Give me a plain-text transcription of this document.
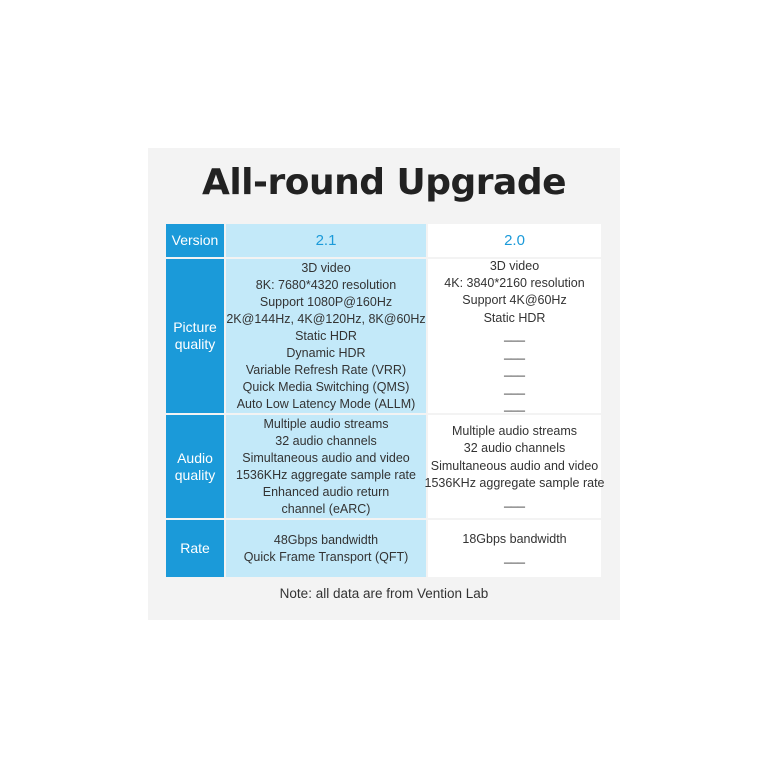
All-round Upgrade
Version	2.1	2.0
Picture quality
3D video
8K: 7680*4320 resolution
Support 1080P@160Hz
2K@144Hz, 4K@120Hz, 8K@60Hz
Static HDR
Dynamic HDR
Variable Refresh Rate (VRR)
Quick Media Switching (QMS)
Auto Low Latency Mode (ALLM)
3D video
4K: 3840*2160 resolution
Support 4K@60Hz
Static HDR
___
___
___
___
___
Audio quality
Multiple audio streams
32 audio channels
Simultaneous audio and video
1536KHz aggregate sample rate
Enhanced audio return
channel (eARC)
Multiple audio streams
32 audio channels
Simultaneous audio and video
1536KHz aggregate sample rate
___
Rate
48Gbps bandwidth
Quick Frame Transport (QFT)
18Gbps bandwidth
___
Note: all data are from Vention Lab
